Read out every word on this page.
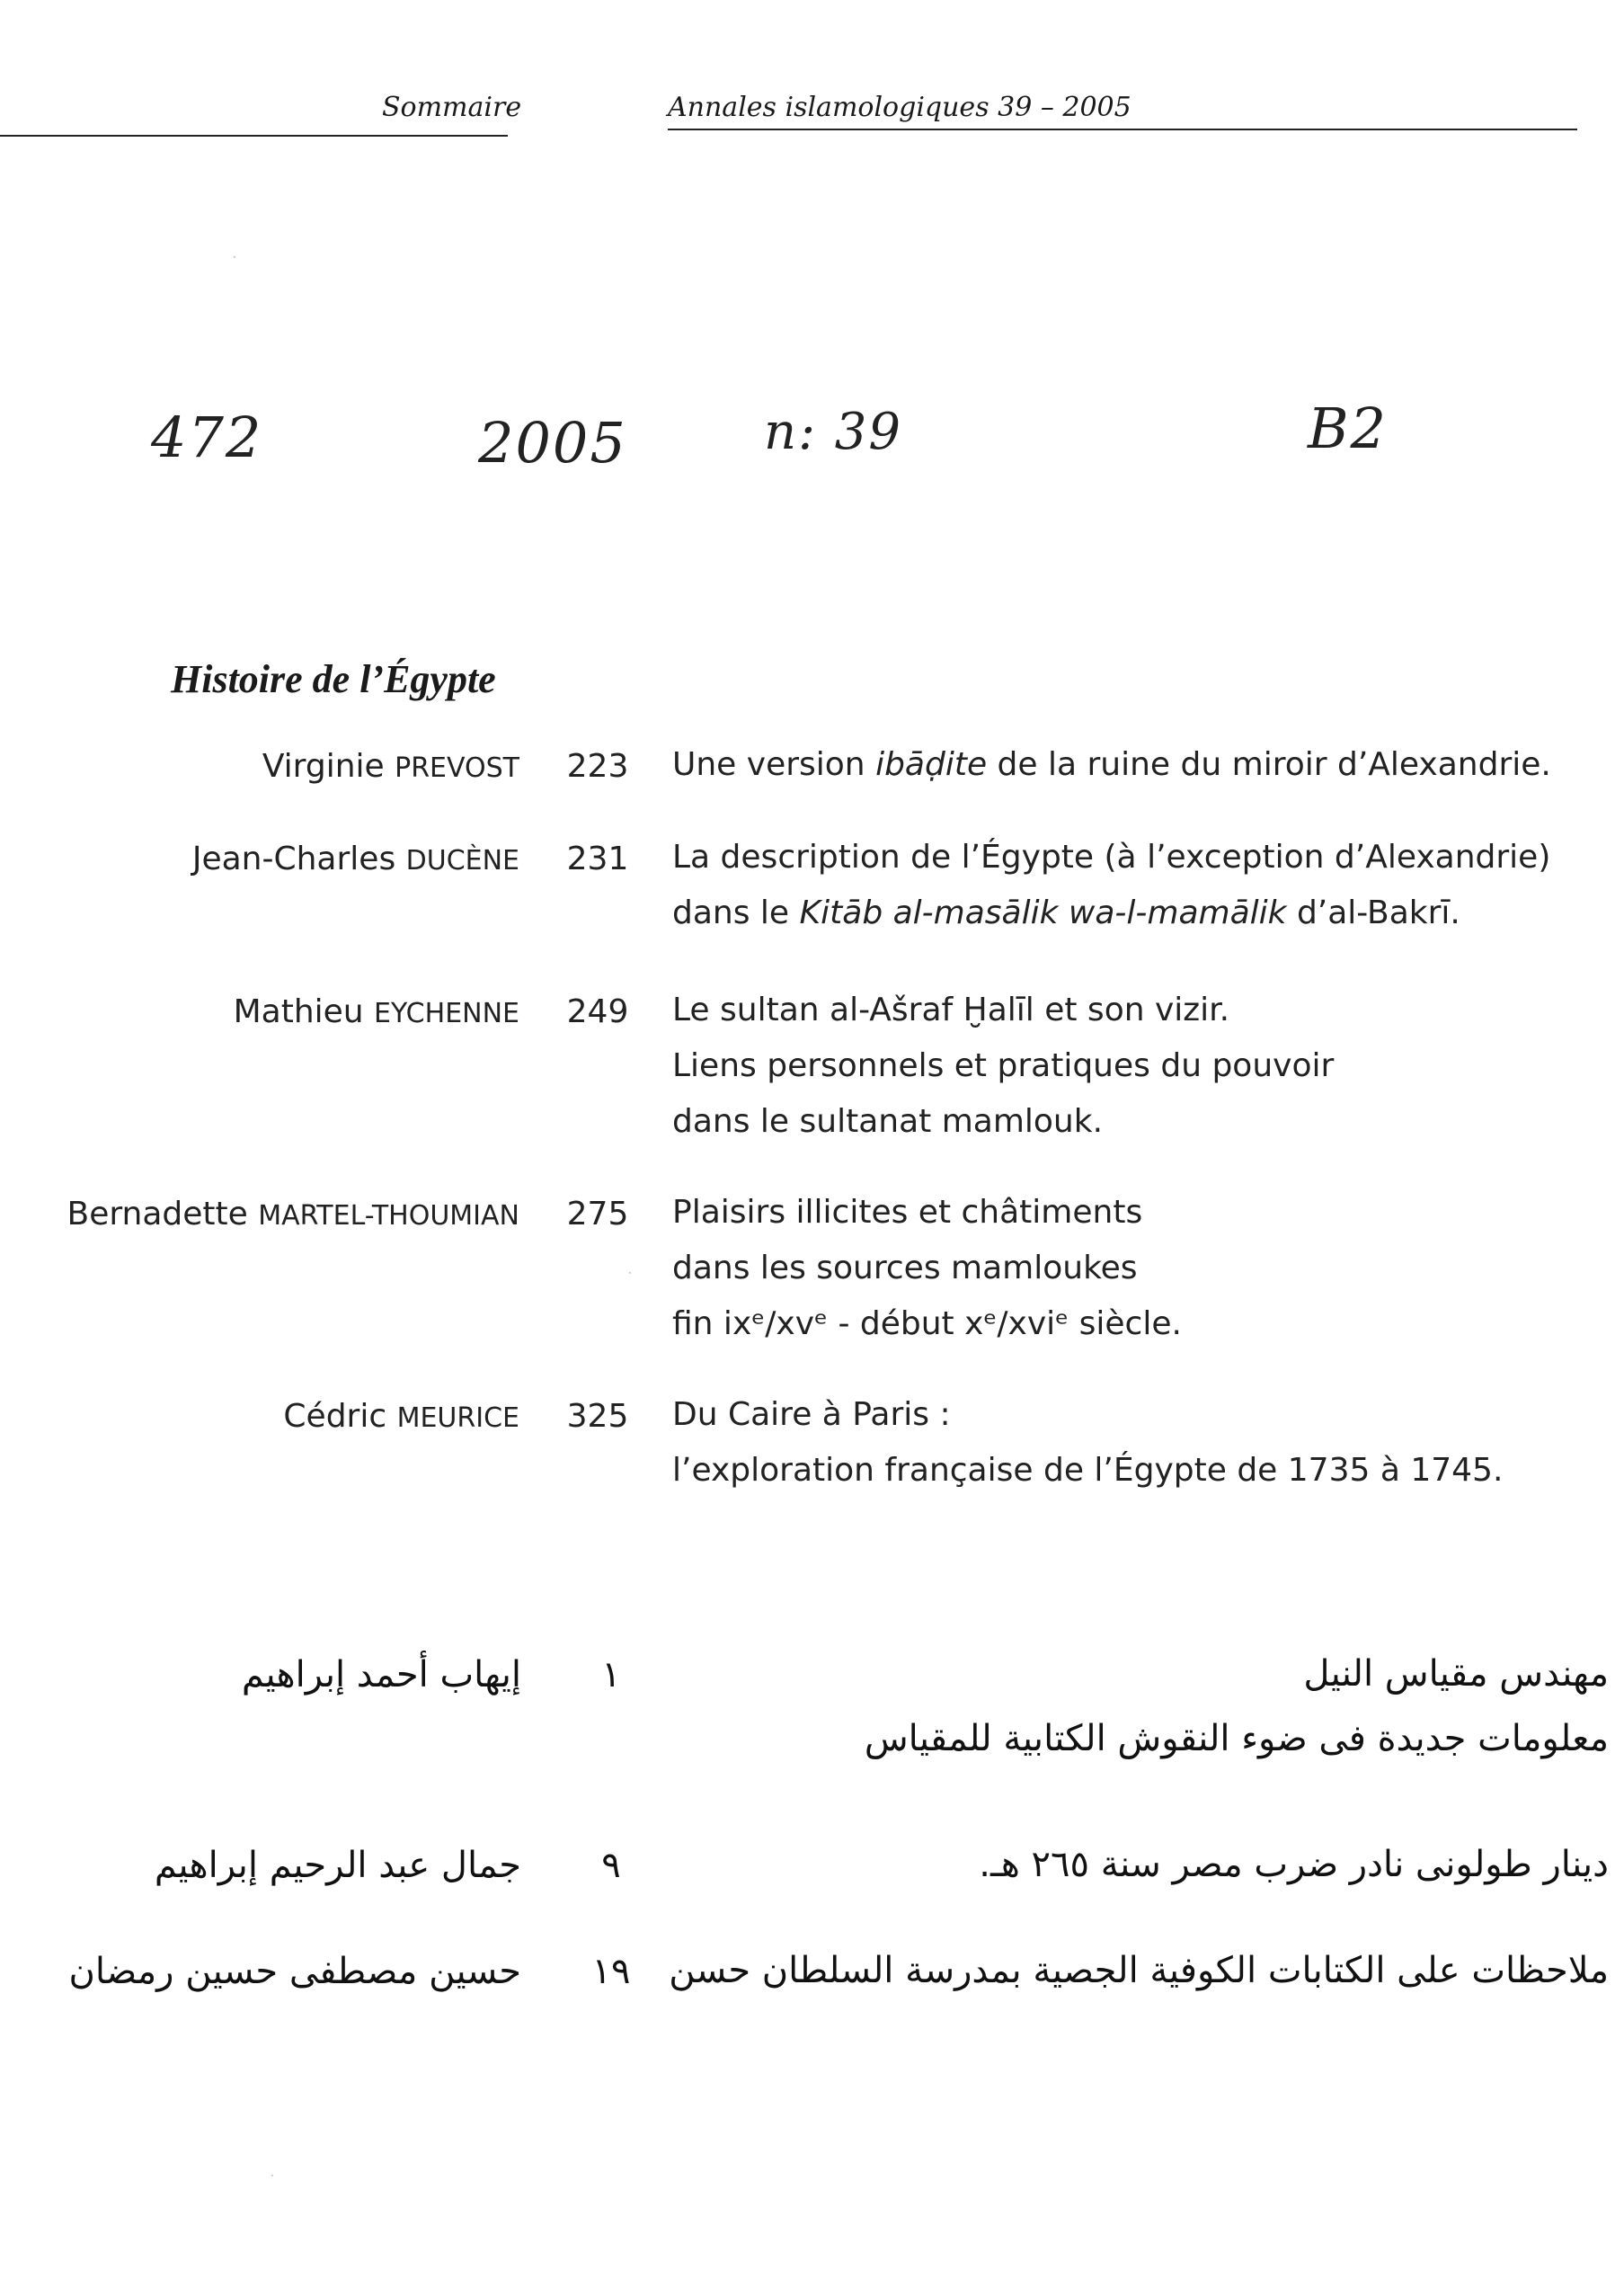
Sommaire	Annales islamologiques 39 – 2005
472	2005	n: 39	B2
Histoire de l’Égypte
Virginie PREVOST 223 Une version ibāḍite de la ruine du miroir d’Alexandrie.
Jean-Charles DUCÈNE 231 La description de l’Égypte (à l’exception d’Alexandrie)
dans le Kitāb al-masālik wa-l-mamālik d’al-Bakrī.
Mathieu EYCHENNE 249 Le sultan al-Ašraf Ḫalīl et son vizir.
Liens personnels et pratiques du pouvoir
dans le sultanat mamlouk.
Bernadette MARTEL-THOUMIAN 275 Plaisirs illicites et châtiments
dans les sources mamloukes
fin ixᵉ/xvᵉ - début xᵉ/xviᵉ siècle.
Cédric MEURICE 325 Du Caire à Paris :
l’exploration française de l’Égypte de 1735 à 1745.
إيهاب أحمد إبراهيم	١	مهندس مقياس النيل
معلومات جديدة فى ضوء النقوش الكتابية للمقياس
جمال عبد الرحيم إبراهيم	٩	دينار طولونى نادر ضرب مصر سنة ٢٦٥ هـ.
حسين مصطفى حسين رمضان	١٩	ملاحظات على الكتابات الكوفية الجصية بمدرسة السلطان حسن
·
·
·
